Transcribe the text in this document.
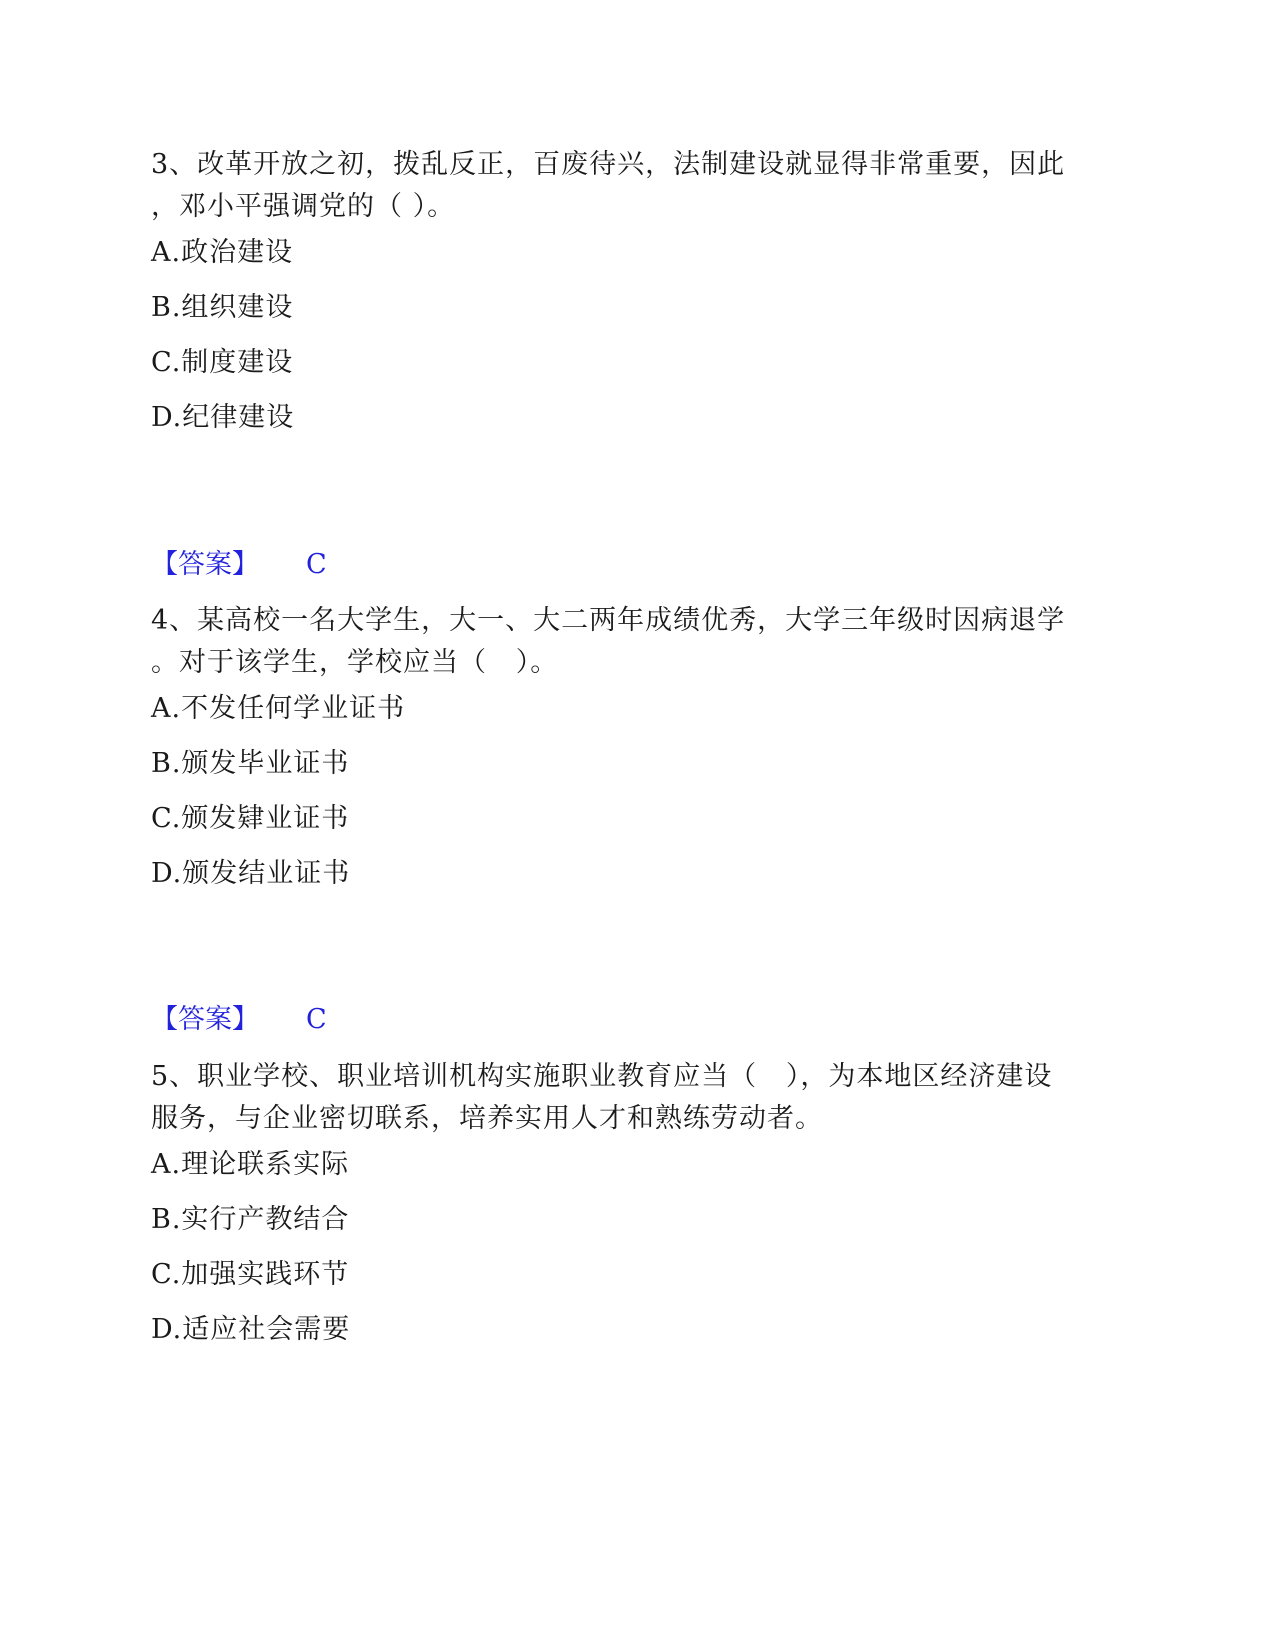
3、改革开放之初，拨乱反正，百废待兴，法制建设就显得非常重要，因此

，邓小平强调党的（ ）。

A.政治建设

B.组织建设

C.制度建设

D.纪律建设

【答案】 C

4、某高校一名大学生，大一、大二两年成绩优秀，大学三年级时因病退学

。对于该学生，学校应当（   ）。

A.不发任何学业证书

B.颁发毕业证书

C.颁发肄业证书

D.颁发结业证书

【答案】 C

5、职业学校、职业培训机构实施职业教育应当（   ），为本地区经济建设

服务，与企业密切联系，培养实用人才和熟练劳动者。

A.理论联系实际

B.实行产教结合

C.加强实践环节

D.适应社会需要
